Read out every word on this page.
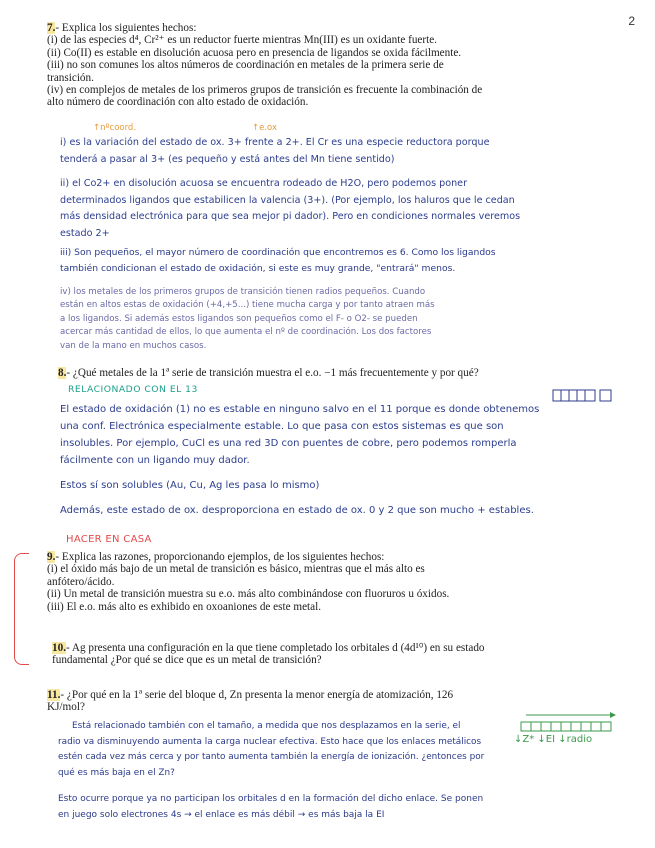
2

7.- Explica los siguientes hechos:

(i) de las especies d⁴, Cr²⁺ es un reductor fuerte mientras Mn(III) es un oxidante fuerte.

(ii) Co(II) es estable en disolución acuosa pero en presencia de ligandos se oxida fácilmente.

(iii) no son comunes los altos números de coordinación en metales de la primera serie de

transición.

(iv) en complejos de metales de los primeros grupos de transición es frecuente la combinación de

alto número de coordinación con alto estado de oxidación.

↑nºcoord.	↑e.ox
i) es la variación del estado de ox. 3+ frente a 2+. El Cr es una especie reductora porque
tenderá a pasar al 3+ (es pequeño y está antes del Mn tiene sentido)
ii) el Co2+ en disolución acuosa se encuentra rodeado de H2O, pero podemos poner
determinados ligandos que estabilicen la valencia (3+). (Por ejemplo, los haluros que le cedan
más densidad electrónica para que sea mejor pi dador). Pero en condiciones normales veremos
estado 2+
iii) Son pequeños, el mayor número de coordinación que encontremos es 6. Como los ligandos
también condicionan el estado de oxidación, si este es muy grande, "entrará" menos.
iv) los metales de los primeros grupos de transición tienen radios pequeños. Cuando
están en altos estas de oxidación (+4,+5...) tiene mucha carga y por tanto atraen más
a los ligandos. Si además estos ligandos son pequeños como el F- o O2- se pueden
acercar más cantidad de ellos, lo que aumenta el nº de coordinación. Los dos factores
van de la mano en muchos casos.

8.- ¿Qué metales de la 1ª serie de transición muestra el e.o. −1 más frecuentemente y por qué?

RELACIONADO CON EL 13
El estado de oxidación (1) no es estable en ninguno salvo en el 11 porque es donde obtenemos
una conf. Electrónica especialmente estable. Lo que pasa con estos sistemas es que son
insolubles. Por ejemplo, CuCl es una red 3D con puentes de cobre, pero podemos romperla
fácilmente con un ligando muy dador.
Estos sí son solubles (Au, Cu, Ag les pasa lo mismo)
Además, este estado de ox. desproporciona en estado de ox. 0 y 2 que son mucho + estables.
HACER EN CASA

9.- Explica las razones, proporcionando ejemplos, de los siguientes hechos:

(i) el óxido más bajo de un metal de transición es básico, mientras que el más alto es

anfótero/ácido.

(ii) Un metal de transición muestra su e.o. más alto combinándose con fluoruros u óxidos.

(iii) El e.o. más alto es exhibido en oxoaniones de este metal.

10.- Ag presenta una configuración en la que tiene completado los orbitales d (4d¹⁰) en su estado

fundamental ¿Por qué se dice que es un metal de transición?

11.- ¿Por qué en la 1ª serie del bloque d, Zn presenta la menor energía de atomización, 126

KJ/mol?

↓Z* ↓EI ↓radio
Está relacionado también con el tamaño, a medida que nos desplazamos en la serie, el
radio va disminuyendo aumenta la carga nuclear efectiva. Esto hace que los enlaces metálicos
estén cada vez más cerca y por tanto aumenta también la energía de ionización. ¿entonces por
qué es más baja en el Zn?
Esto ocurre porque ya no participan los orbitales d en la formación del dicho enlace. Se ponen
en juego solo electrones 4s → el enlace es más débil → es más baja la EI
